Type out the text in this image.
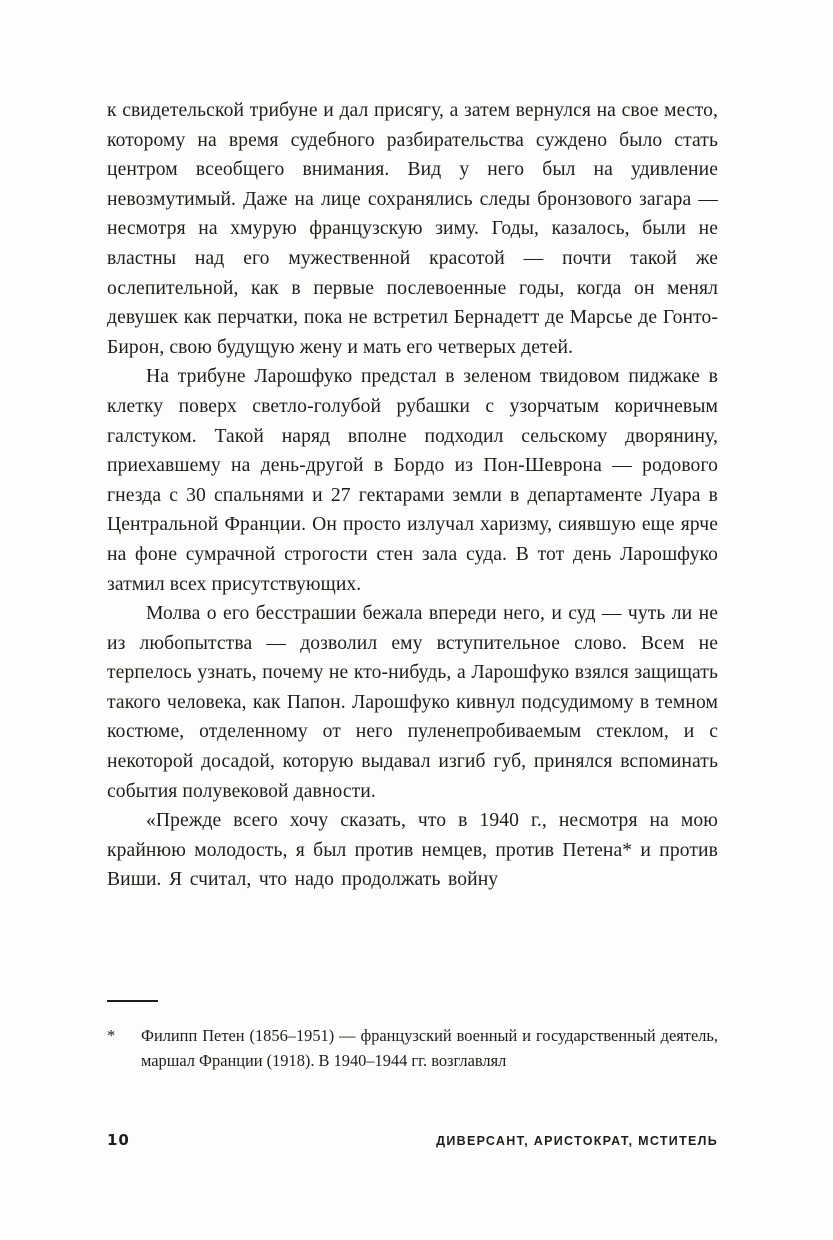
к свидетельской трибуне и дал присягу, а затем вернулся на свое место, которому на время судебного разбирательства суждено было стать центром всеобщего внимания. Вид у него был на удивление невозмутимый. Даже на лице сохранялись следы бронзового загара — несмотря на хмурую французскую зиму. Годы, казалось, были не властны над его мужественной красотой — почти такой же ослепительной, как в первые послевоенные годы, когда он менял девушек как перчатки, пока не встретил Бернадетт де Марсье де Гонто-Бирон, свою будущую жену и мать его четверых детей.

На трибуне Ларошфуко предстал в зеленом твидовом пиджаке в клетку поверх светло-голубой рубашки с узорчатым коричневым галстуком. Такой наряд вполне подходил сельскому дворянину, приехавшему на день-другой в Бордо из Пон-Шеврона — родового гнезда с 30 спальнями и 27 гектарами земли в департаменте Луара в Центральной Франции. Он просто излучал харизму, сиявшую еще ярче на фоне сумрачной строгости стен зала суда. В тот день Ларошфуко затмил всех присутствующих.

Молва о его бесстрашии бежала впереди него, и суд — чуть ли не из любопытства — дозволил ему вступительное слово. Всем не терпелось узнать, почему не кто-нибудь, а Ларошфуко взялся защищать такого человека, как Папон. Ларошфуко кивнул подсудимому в темном костюме, отделенному от него пуленепробиваемым стеклом, и с некоторой досадой, которую выдавал изгиб губ, принялся вспоминать события полувековой давности.

«Прежде всего хочу сказать, что в 1940 г., несмотря на мою крайнюю молодость, я был против немцев, против Петена* и против Виши. Я считал, что надо продолжать войну

*	Филипп Петен (1856–1951) — французский военный и государственный деятель, маршал Франции (1918). В 1940–1944 гг. возглавлял
10	ДИВЕРСАНТ, АРИСТОКРАТ, МСТИТЕЛЬ
